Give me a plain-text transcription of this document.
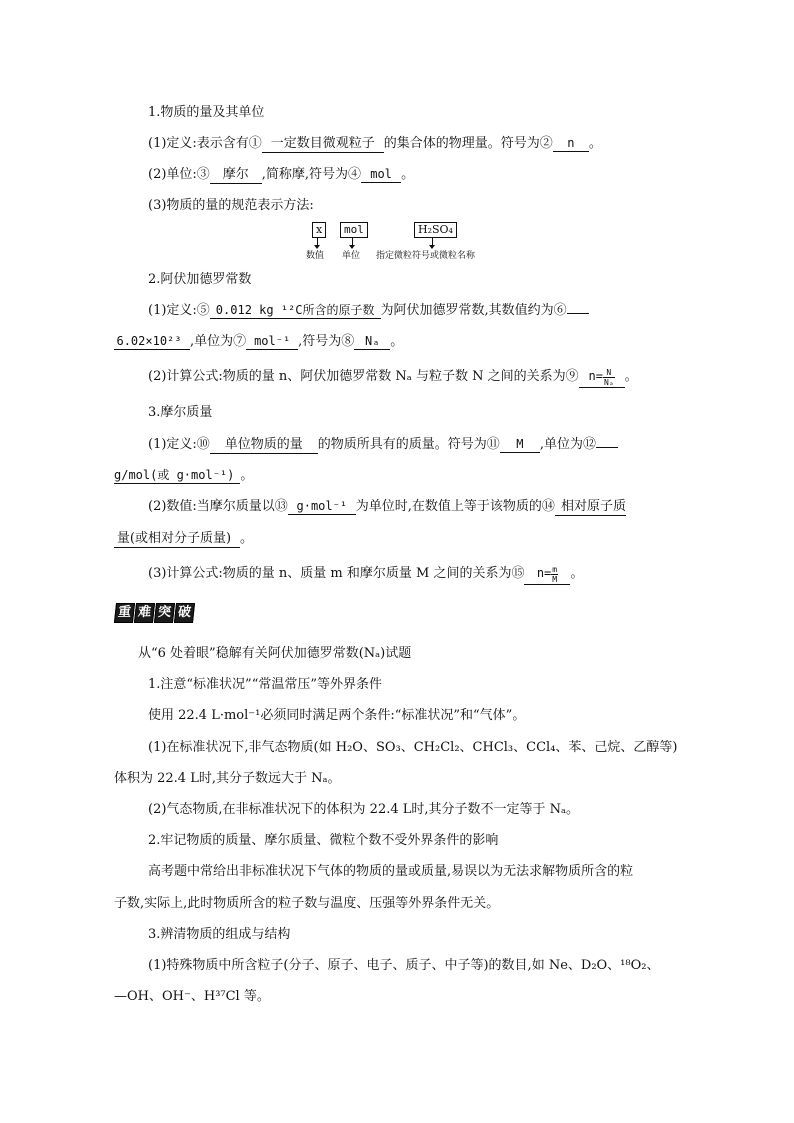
1.物质的量及其单位
(1)定义:表示含有① 一定数目微观粒子 的集合体的物理量。符号为② n 。
(2)单位:③ 摩尔 ,简称摩,符号为④ mol 。
(3)物质的量的规范表示方法:
x	mol	H₂SO₄
数值 单位 指定微粒符号或微粒名称
2.阿伏加德罗常数
(1)定义:⑤ 0.012 kg ¹²C所含的原子数 为阿伏加德罗常数,其数值约为⑥
6.02×10²³ ,单位为⑦ mol⁻¹ ,符号为⑧ Nₐ 。
(2)计算公式:物质的量 n、阿伏加德罗常数 Nₐ 与粒子数 N 之间的关系为⑨ $n= \frac{N}{\text{Nₐ}}$ 。
3.摩尔质量
(1)定义:⑩ 单位物质的量 的物质所具有的质量。符号为⑪ M ,单位为⑫
g/mol(或 g·mol⁻¹) 。
(2)数值:当摩尔质量以⑬ g·mol⁻¹ 为单位时,在数值上等于该物质的⑭ 相对原子质
量(或相对分子质量) 。
(3)计算公式:物质的量 n、质量 m 和摩尔质量 M 之间的关系为⑮ $n= \frac{m}{M}$ 。
重 难 突 破
从“6 处着眼”稳解有关阿伏加德罗常数(Nₐ)试题
1.注意“标准状况”“常温常压”等外界条件
使用 22.4 L·mol⁻¹必须同时满足两个条件:“标准状况”和“气体”。
(1)在标准状况下,非气态物质(如 H₂O、SO₃、CH₂Cl₂、CHCl₃、CCl₄、苯、己烷、乙醇等)
体积为 22.4 L时,其分子数远大于 Nₐ。
(2)气态物质,在非标准状况下的体积为 22.4 L时,其分子数不一定等于 Nₐ。
2.牢记物质的质量、摩尔质量、微粒个数不受外界条件的影响
高考题中常给出非标准状况下气体的物质的量或质量,易误以为无法求解物质所含的粒
子数,实际上,此时物质所含的粒子数与温度、压强等外界条件无关。
3.辨清物质的组成与结构
(1)特殊物质中所含粒子(分子、原子、电子、质子、中子等)的数目,如 Ne、D₂O、¹⁸O₂、
—OH、OH⁻、H³⁷Cl 等。
